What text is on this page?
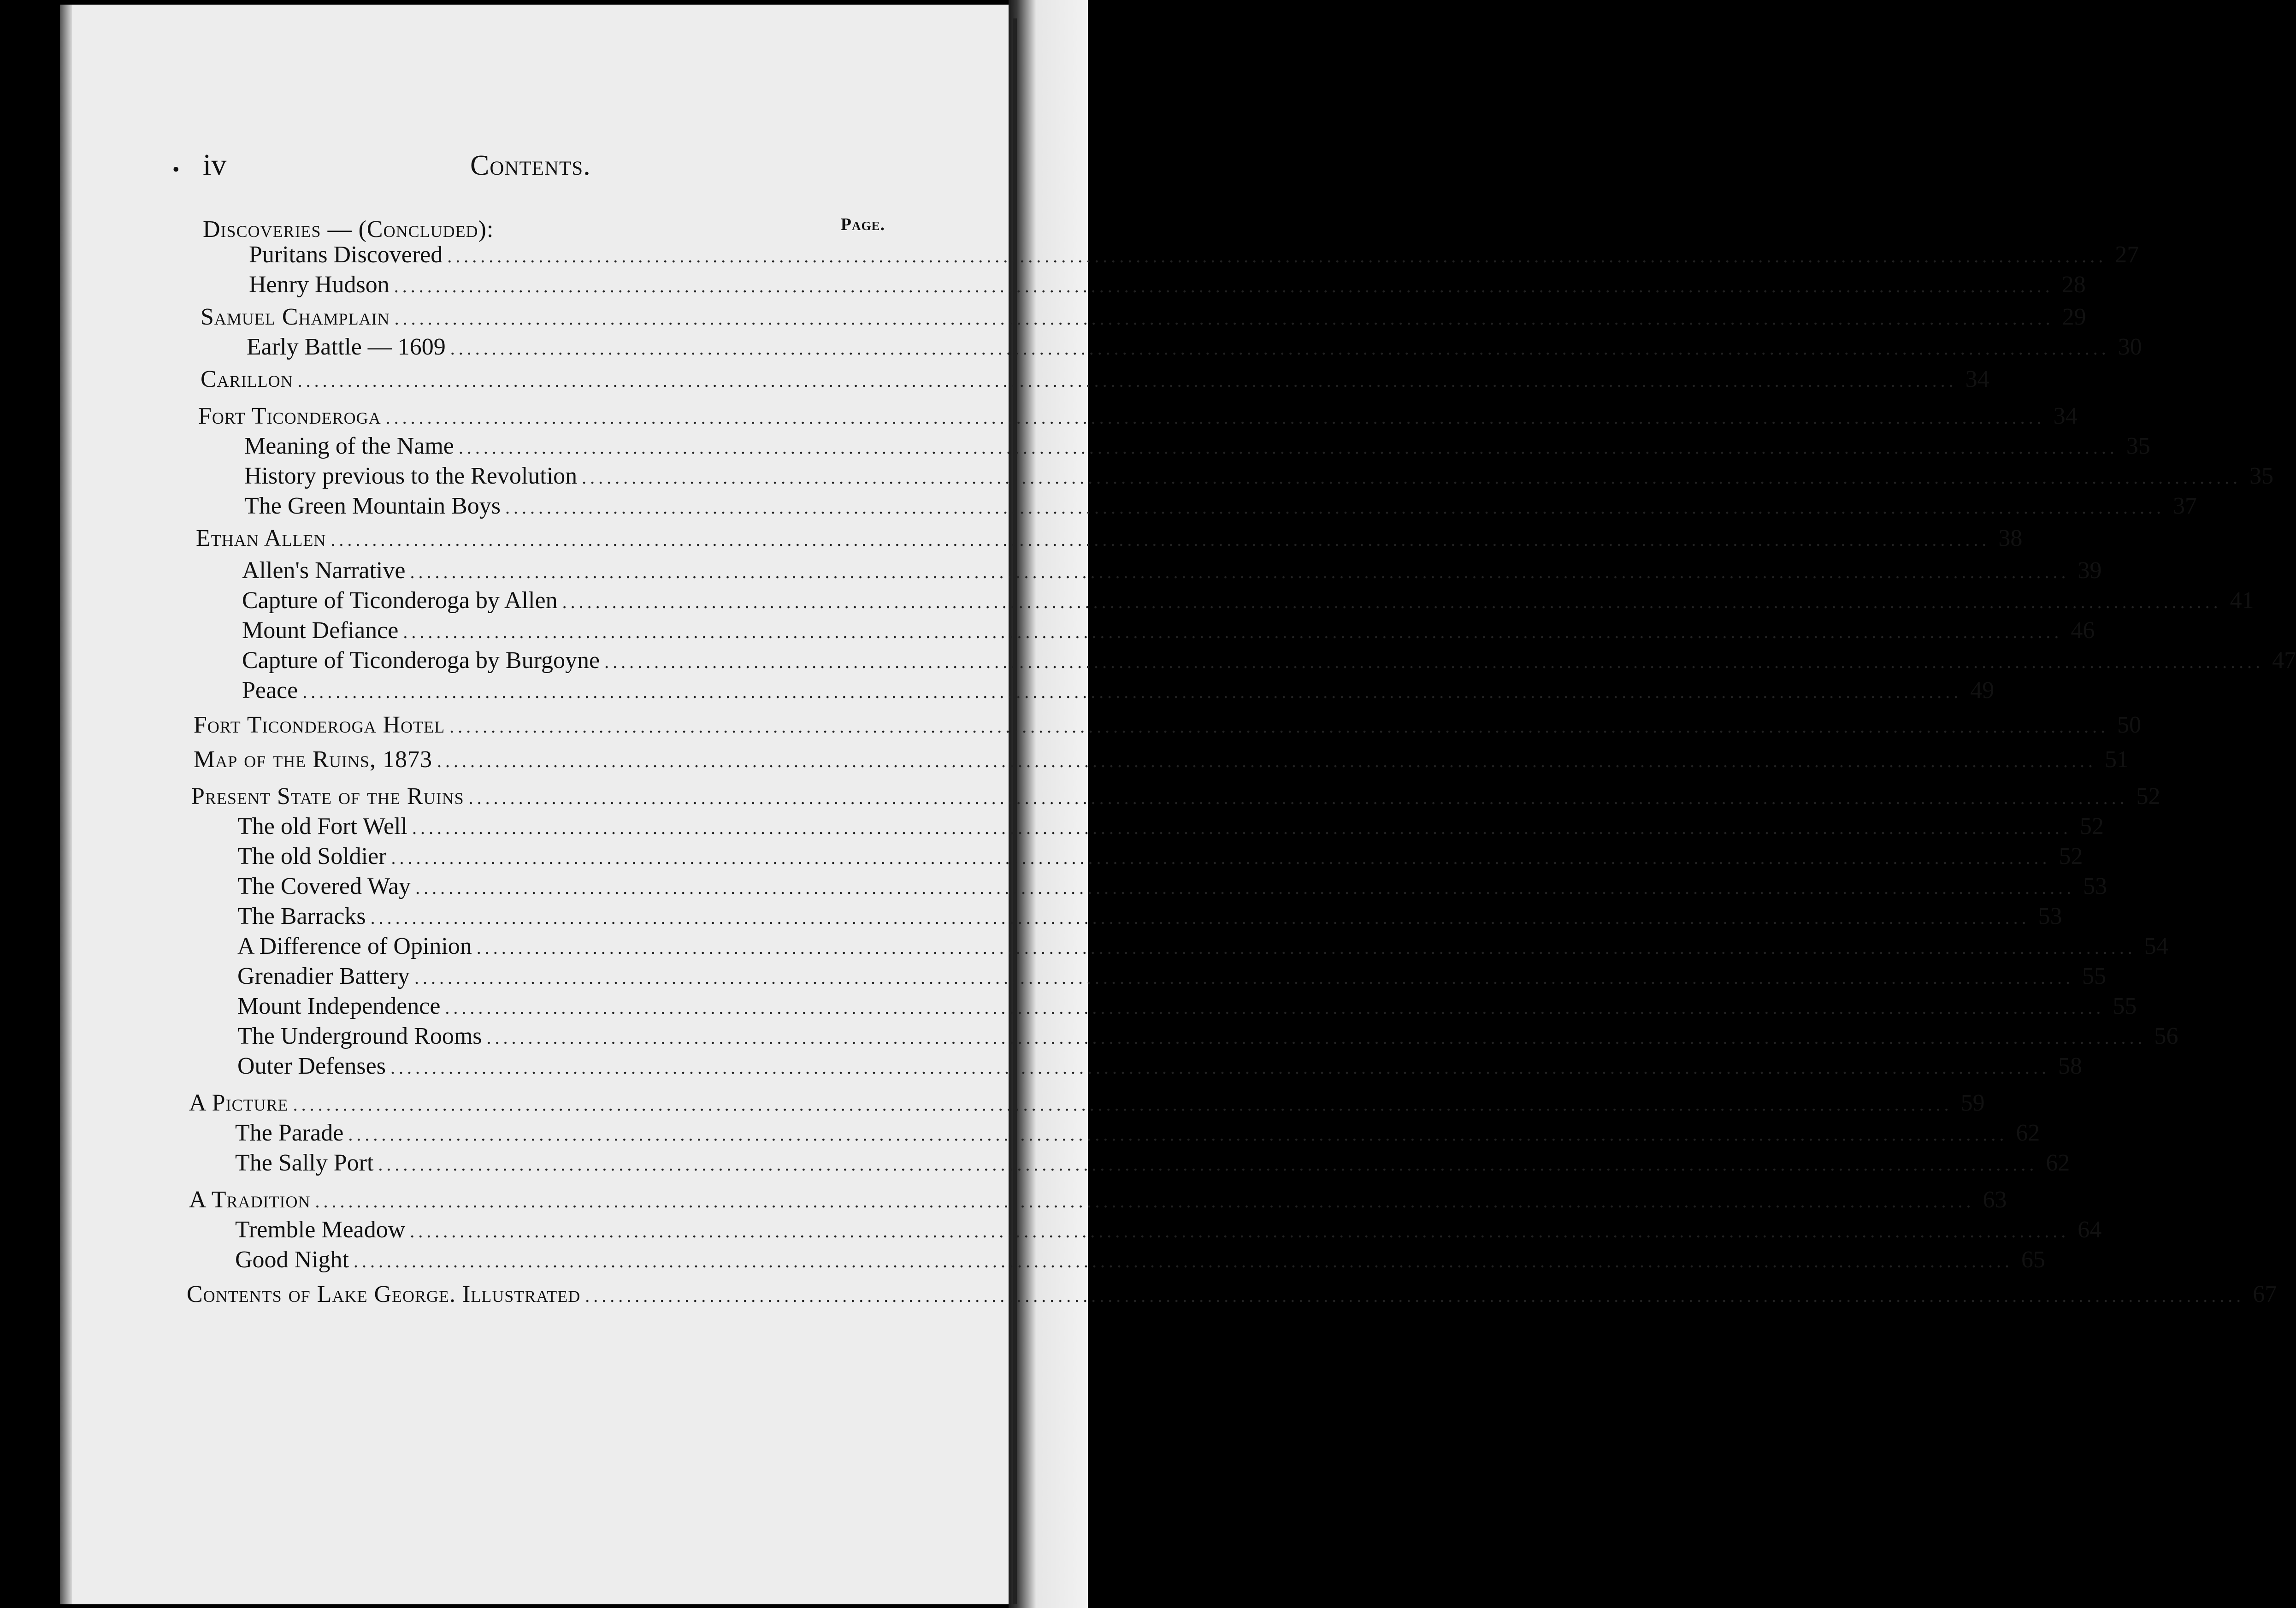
• iv	Contents.
Page.
Discoveries — (Concluded):
Puritans Discovered ........................................................................................................................................................................................................ 27
Henry Hudson ........................................................................................................................................................................................................ 28
Samuel Champlain ........................................................................................................................................................................................................ 29
Early Battle — 1609 ........................................................................................................................................................................................................ 30
Carillon ........................................................................................................................................................................................................ 34
Fort Ticonderoga ........................................................................................................................................................................................................ 34
Meaning of the Name ........................................................................................................................................................................................................ 35
History previous to the Revolution ........................................................................................................................................................................................................ 35
The Green Mountain Boys ........................................................................................................................................................................................................ 37
Ethan Allen ........................................................................................................................................................................................................ 38
Allen's Narrative ........................................................................................................................................................................................................ 39
Capture of Ticonderoga by Allen ........................................................................................................................................................................................................ 41
Mount Defiance ........................................................................................................................................................................................................ 46
Capture of Ticonderoga by Burgoyne ........................................................................................................................................................................................................ 47
Peace ........................................................................................................................................................................................................ 49
Fort Ticonderoga Hotel ........................................................................................................................................................................................................ 50
Map of the Ruins, 1873 ........................................................................................................................................................................................................ 51
Present State of the Ruins ........................................................................................................................................................................................................ 52
The old Fort Well ........................................................................................................................................................................................................ 52
The old Soldier ........................................................................................................................................................................................................ 52
The Covered Way ........................................................................................................................................................................................................ 53
The Barracks ........................................................................................................................................................................................................ 53
A Difference of Opinion ........................................................................................................................................................................................................ 54
Grenadier Battery ........................................................................................................................................................................................................ 55
Mount Independence ........................................................................................................................................................................................................ 55
The Underground Rooms ........................................................................................................................................................................................................ 56
Outer Defenses ........................................................................................................................................................................................................ 58
A Picture ........................................................................................................................................................................................................ 59
The Parade ........................................................................................................................................................................................................ 62
The Sally Port ........................................................................................................................................................................................................ 62
A Tradition ........................................................................................................................................................................................................ 63
Tremble Meadow ........................................................................................................................................................................................................ 64
Good Night ........................................................................................................................................................................................................ 65
Contents of Lake George. Illustrated ........................................................................................................................................................................................................ 67
